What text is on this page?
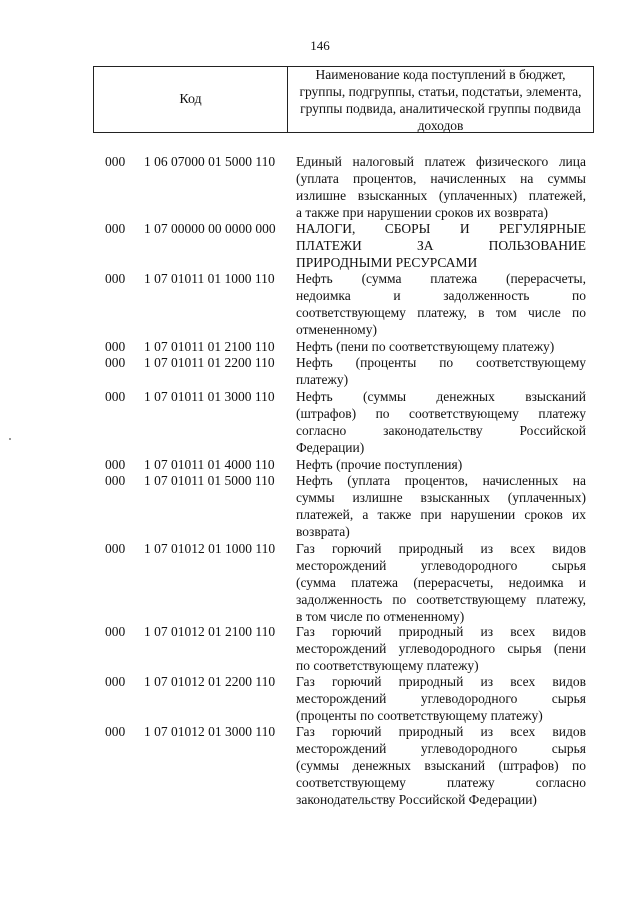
146
Код
Наименование кода поступлений в бюджет, группы, подгруппы, статьи, подстатьи, элемента, группы подвида, аналитической группы подвида доходов
000	1 06 07000 01 5000 110	Единый налоговый платеж физического лица
(уплата процентов, начисленных на суммы
излишне взысканных (уплаченных) платежей,
а также при нарушении сроков их возврата)
000	1 07 00000 00 0000 000	НАЛОГИ, СБОРЫ И РЕГУЛЯРНЫЕ
ПЛАТЕЖИ ЗА ПОЛЬЗОВАНИЕ
ПРИРОДНЫМИ РЕСУРСАМИ
000	1 07 01011 01 1000 110	Нефть (сумма платежа (перерасчеты,
недоимка и задолженность по
соответствующему платежу, в том числе по
отмененному)
000	1 07 01011 01 2100 110	Нефть (пени по соответствующему платежу)
000	1 07 01011 01 2200 110	Нефть (проценты по соответствующему
платежу)
000	1 07 01011 01 3000 110	Нефть (суммы денежных взысканий
(штрафов) по соответствующему платежу
согласно законодательству Российской
Федерации)
000	1 07 01011 01 4000 110	Нефть (прочие поступления)
000	1 07 01011 01 5000 110	Нефть (уплата процентов, начисленных на
суммы излишне взысканных (уплаченных)
платежей, а также при нарушении сроков их
возврата)
000	1 07 01012 01 1000 110	Газ горючий природный из всех видов
месторождений углеводородного сырья
(сумма платежа (перерасчеты, недоимка и
задолженность по соответствующему платежу,
в том числе по отмененному)
000	1 07 01012 01 2100 110	Газ горючий природный из всех видов
месторождений углеводородного сырья (пени
по соответствующему платежу)
000	1 07 01012 01 2200 110	Газ горючий природный из всех видов
месторождений углеводородного сырья
(проценты по соответствующему платежу)
000	1 07 01012 01 3000 110	Газ горючий природный из всех видов
месторождений углеводородного сырья
(суммы денежных взысканий (штрафов) по
соответствующему платежу согласно
законодательству Российской Федерации)
